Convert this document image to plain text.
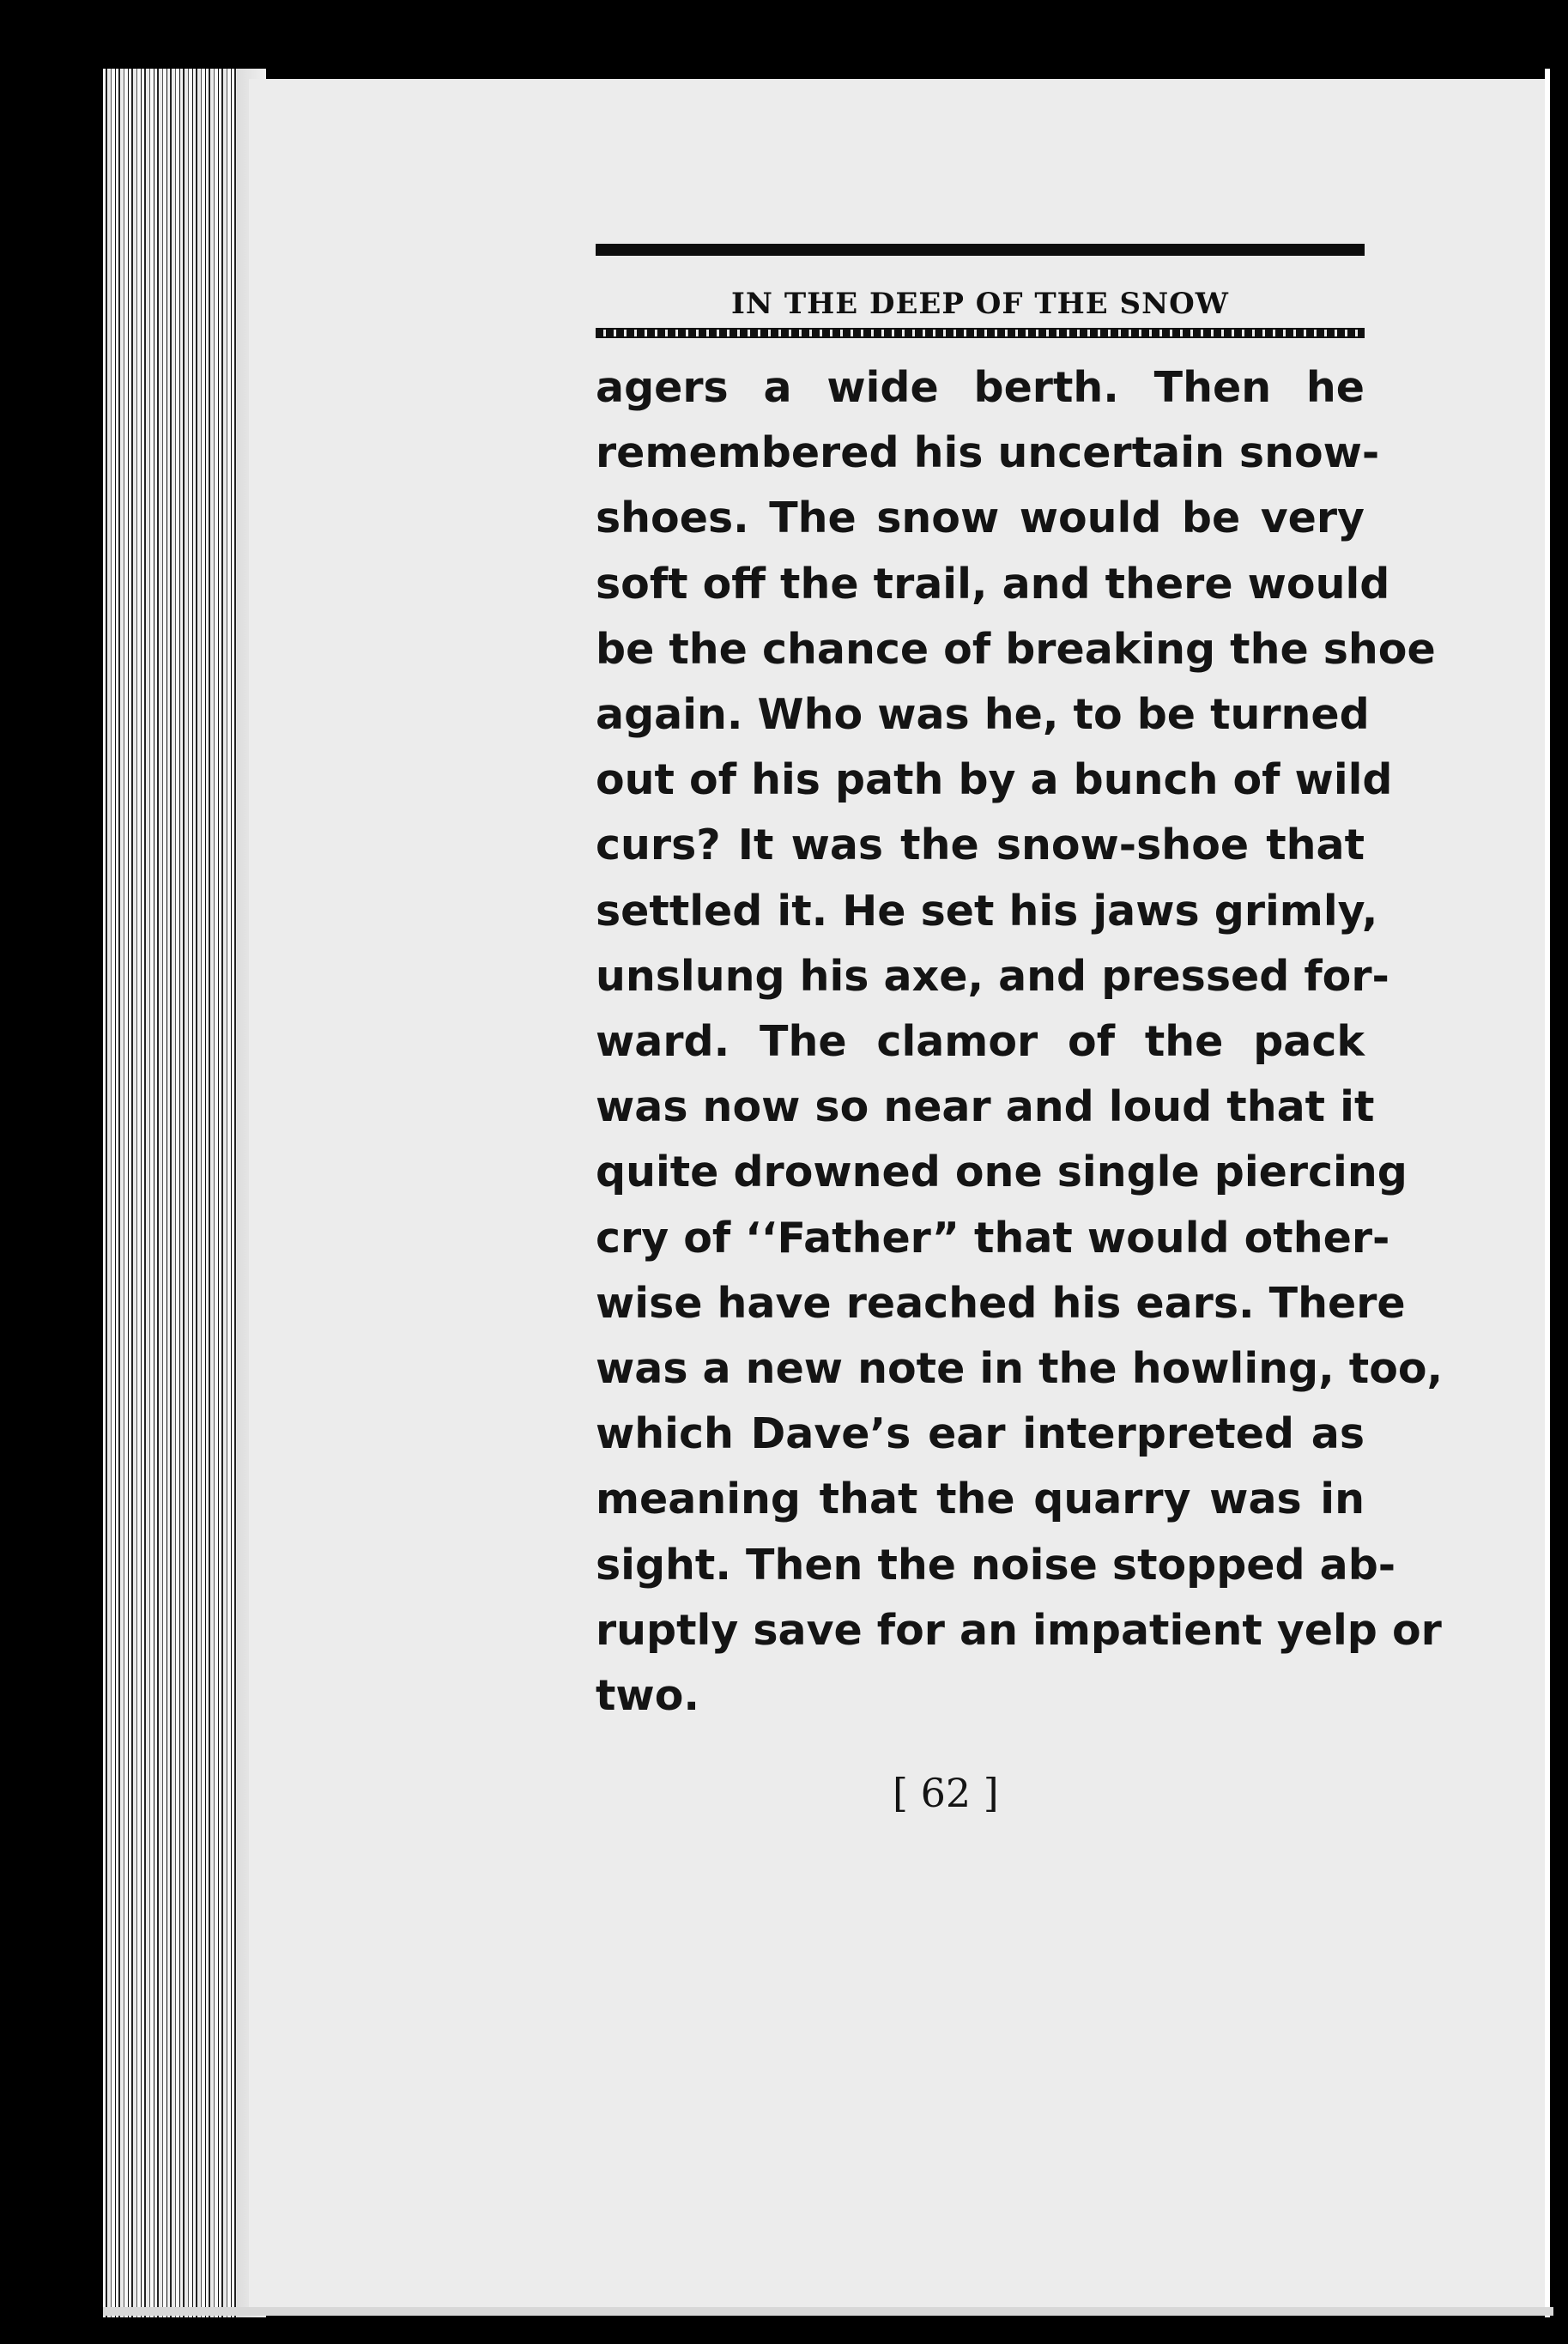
IN THE DEEP OF THE SNOW
agers a wide berth. Then he
remembered his uncertain snow-
shoes. The snow would be very
soft off the trail, and there would
be the chance of breaking the shoe
again. Who was he, to be turned
out of his path by a bunch of wild
curs? It was the snow-shoe that
settled it. He set his jaws grimly,
unslung his axe, and pressed for-
ward. The clamor of the pack
was now so near and loud that it
quite drowned one single piercing
cry of ‘‘Father” that would other-
wise have reached his ears. There
was a new note in the howling, too,
which Dave’s ear interpreted as
meaning that the quarry was in
sight. Then the noise stopped ab-
ruptly save for an impatient yelp or
two.
[ 62 ]
